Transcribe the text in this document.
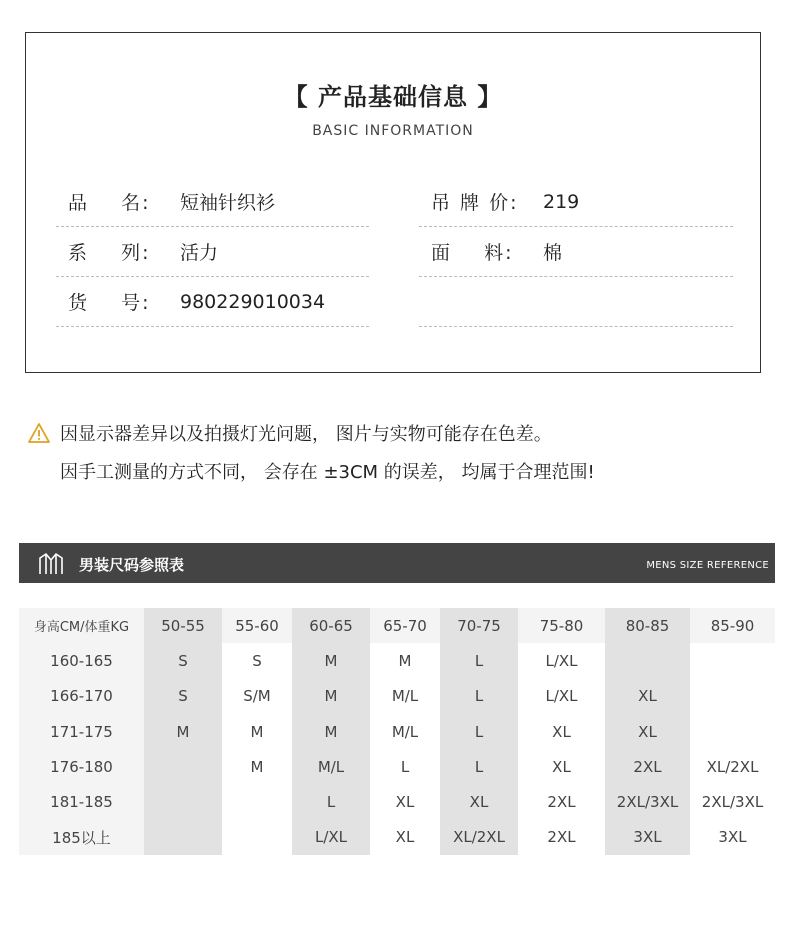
【 产品基础信息 】
BASIC INFORMATION
品    名:	短袖针织衫	吊 牌 价:	219
系    列:	活力	面    料:	棉
货    号:	980229010034
因显示器差异以及拍摄灯光问题， 图片与实物可能存在色差。
因手工测量的方式不同， 会存在 ±3CM 的误差， 均属于合理范围!
男装尺码参照表	MENS SIZE REFERENCE
身高CM/体重KG	50-55	55-60	60-65	65-70	70-75	75-80	80-85	85-90
160-165	S	S	M	M	L	L/XL		
166-170	S	S/M	M	M/L	L	L/XL	XL	
171-175	M	M	M	M/L	L	XL	XL	
176-180		M	M/L	L	L	XL	2XL	XL/2XL
181-185			L	XL	XL	2XL	2XL/3XL	2XL/3XL
185以上			L/XL	XL	XL/2XL	2XL	3XL	3XL
